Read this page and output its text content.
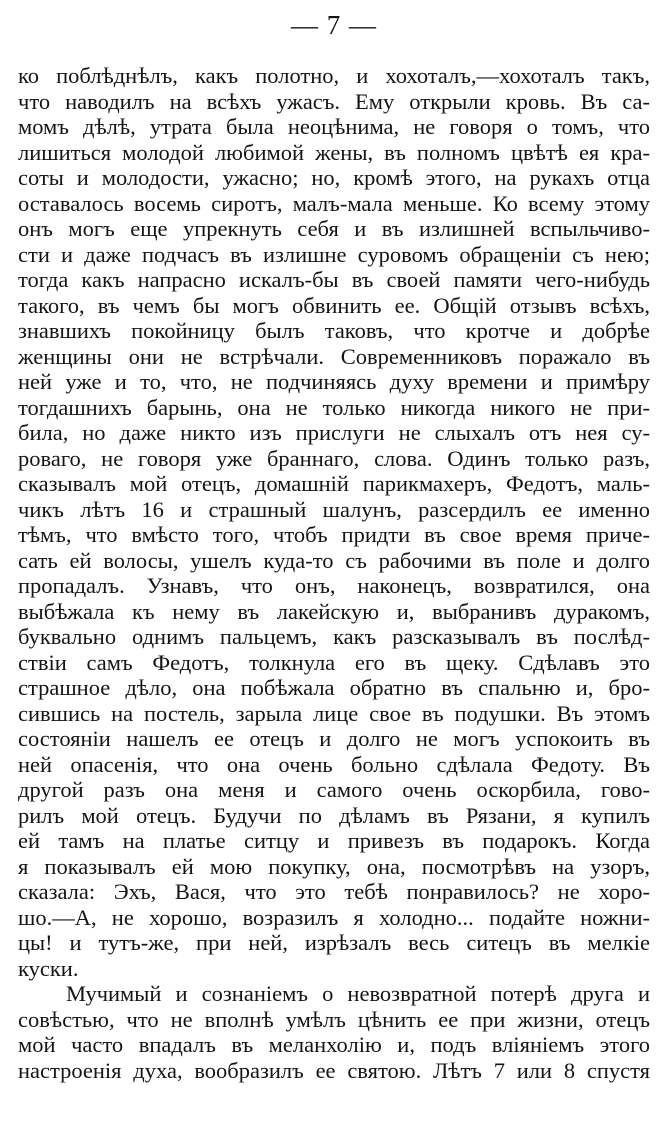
— 7 —
ко поблѣднѣлъ, какъ полотно, и хохоталъ,—хохоталъ такъ,
что наводилъ на всѣхъ ужасъ. Ему открыли кровь. Въ са-
момъ дѣлѣ, утрата была неоцѣнима, не говоря о томъ, что
лишиться молодой любимой жены, въ полномъ цвѣтѣ ея кра-
соты и молодости, ужасно; но, кромѣ этого, на рукахъ отца
оставалось восемь сиротъ, малъ-мала меньше. Ко всему этому
онъ могъ еще упрекнуть себя и въ излишней вспыльчиво-
сти и даже подчасъ въ излишне суровомъ обращеніи съ нею;
тогда какъ напрасно искалъ-бы въ своей памяти чего-нибудь
такого, въ чемъ бы могъ обвинить ее. Общій отзывъ всѣхъ,
знавшихъ покойницу былъ таковъ, что кротче и добрѣе
женщины они не встрѣчали. Современниковъ поражало въ
ней уже и то, что, не подчиняясь духу времени и примѣру
тогдашнихъ барынь, она не только никогда никого не при-
била, но даже никто изъ прислуги не слыхалъ отъ нея су-
роваго, не говоря уже браннаго, слова. Одинъ только разъ,
сказывалъ мой отецъ, домашній парикмахеръ, Федотъ, маль-
чикъ лѣтъ 16 и страшный шалунъ, разсердилъ ее именно
тѣмъ, что вмѣсто того, чтобъ придти въ свое время приче-
сать ей волосы, ушелъ куда-то съ рабочими въ поле и долго
пропадалъ. Узнавъ, что онъ, наконецъ, возвратился, она
выбѣжала къ нему въ лакейскую и, выбранивъ дуракомъ,
буквально однимъ пальцемъ, какъ разсказывалъ въ послѣд-
ствіи самъ Федотъ, толкнула его въ щеку. Сдѣлавъ это
страшное дѣло, она побѣжала обратно въ спальню и, бро-
сившись на постель, зарыла лице свое въ подушки. Въ этомъ
состояніи нашелъ ее отецъ и долго не могъ успокоить въ
ней опасенія, что она очень больно сдѣлала Федоту. Въ
другой разъ она меня и самого очень оскорбила, гово-
рилъ мой отецъ. Будучи по дѣламъ въ Рязани, я купилъ
ей тамъ на платье ситцу и привезъ въ подарокъ. Когда
я показывалъ ей мою покупку, она, посмотрѣвъ на узоръ,
сказала: Эхъ, Вася, что это тебѣ понравилось? не хоро-
шо.—А, не хорошо, возразилъ я холодно... подайте ножни-
цы! и тутъ-же, при ней, изрѣзалъ весь ситецъ въ мелкіе
куски.
Мучимый и сознаніемъ о невозвратной потерѣ друга и
совѣстью, что не вполнѣ умѣлъ цѣнить ее при жизни, отецъ
мой часто впадалъ въ меланхолію и, подъ вліяніемъ этого
настроенія духа, вообразилъ ее святою. Лѣтъ 7 или 8 спустя
